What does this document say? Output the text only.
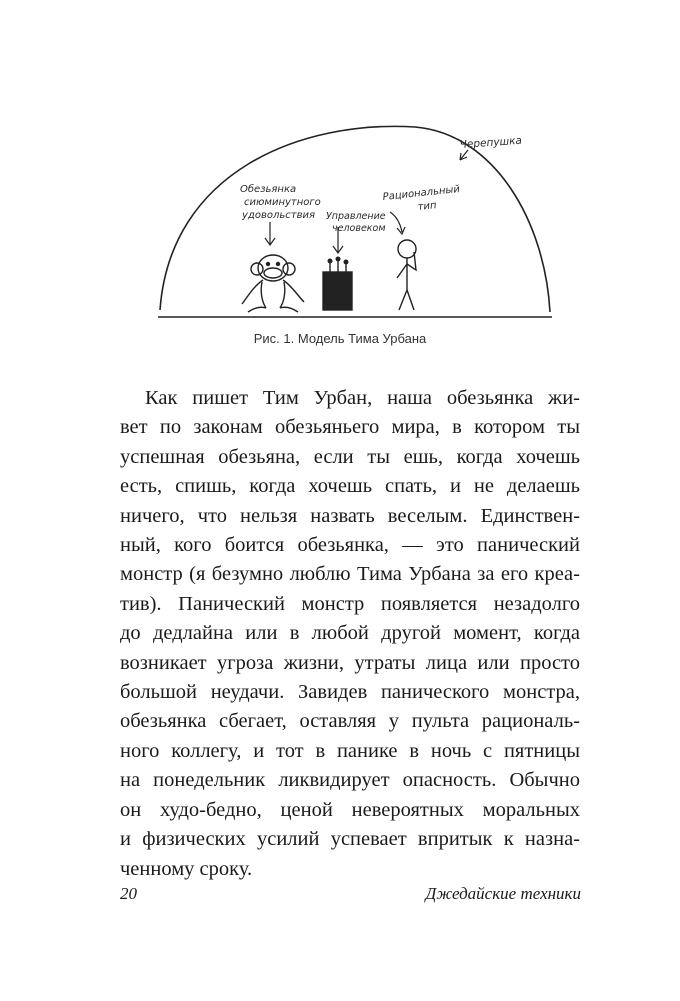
Черепушка
Обезьянка
сиюминутного
удовольствия Управление
человеком
Рациональный
тип
Рис. 1. Модель Тима Урбана
Как пишет Тим Урбан, наша обезьянка жи-
вет по законам обезьяньего мира, в котором ты
успешная обезьяна, если ты ешь, когда хочешь
есть, спишь, когда хочешь спать, и не делаешь
ничего, что нельзя назвать веселым. Единствен-
ный, кого боится обезьянка, — это панический
монстр (я безумно люблю Тима Урбана за его креа-
тив). Панический монстр появляется незадолго
до дедлайна или в любой другой момент, когда
возникает угроза жизни, утраты лица или просто
большой неудачи. Завидев панического монстра,
обезьянка сбегает, оставляя у пульта рациональ-
ного коллегу, и тот в панике в ночь с пятницы
на понедельник ликвидирует опасность. Обычно
он худо-бедно, ценой невероятных моральных
и физических усилий успевает впритык к назна-
ченному сроку.
20	Джедайские техники
